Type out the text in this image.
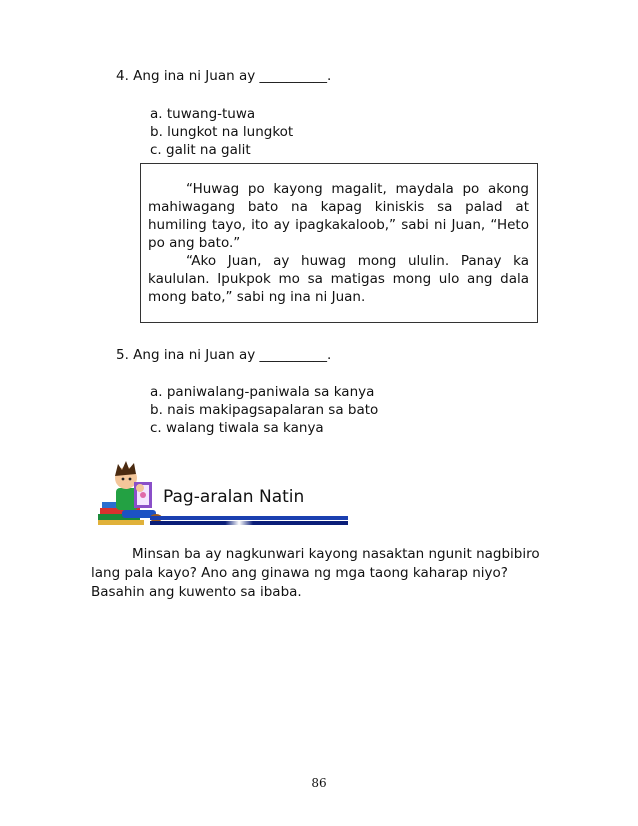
4. Ang ina ni Juan ay __________.
a. tuwang-tuwa
b. lungkot na lungkot
c. galit na galit

“Huwag po kayong magalit, maydala po akong mahiwagang bato na kapag kiniskis sa palad at humiling tayo, ito ay ipagkakaloob,” sabi ni Juan, “Heto po ang bato.”

“Ako Juan, ay huwag mong ululin. Panay ka kaululan. Ipukpok mo sa matigas mong ulo ang dala mong bato,” sabi ng ina ni Juan.

5. Ang ina ni Juan ay __________.
a. paniwalang-paniwala sa kanya
b. nais makipagsapalaran sa bato
c. walang tiwala sa kanya
Pag-aralan Natin

Minsan ba ay nagkunwari kayong nasaktan ngunit nagbibiro lang pala kayo? Ano ang ginawa ng mga taong kaharap niyo? Basahin ang kuwento sa ibaba.

86
